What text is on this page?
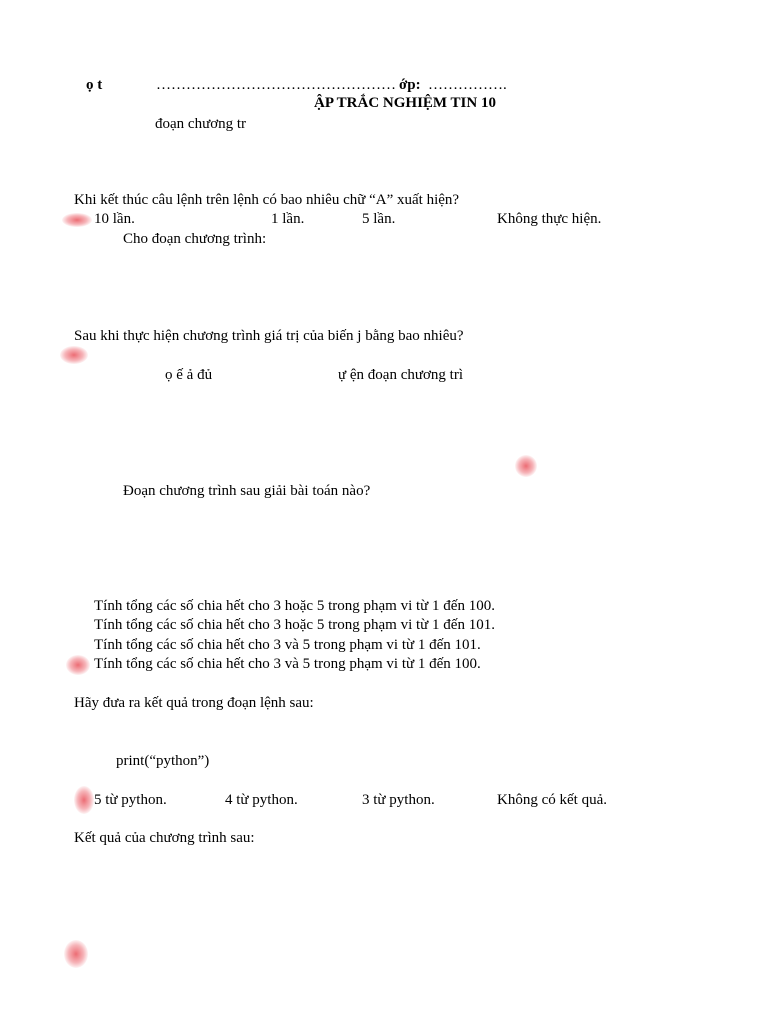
ọ t	………………………………………… ớp: …………….
ẬP TRẮC NGHIỆM TIN 10
đoạn chương tr
Khi kết thúc câu lệnh trên lệnh có bao nhiêu chữ “A” xuất hiện?
10 lần.	1 lần.	5 lần.	Không thực hiện.
Cho đoạn chương trình:
Sau khi thực hiện chương trình giá trị của biến j bằng bao nhiêu?
ọ ế ả đủ	ự ện đoạn chương trì
Đoạn chương trình sau giải bài toán nào?
Tính tổng các số chia hết cho 3 hoặc 5 trong phạm vi từ 1 đến 100.
Tính tổng các số chia hết cho 3 hoặc 5 trong phạm vi từ 1 đến 101.
Tính tổng các số chia hết cho 3 và 5 trong phạm vi từ 1 đến 101.
Tính tổng các số chia hết cho 3 và 5 trong phạm vi từ 1 đến 100.
Hãy đưa ra kết quả trong đoạn lệnh sau:
print(“python”)
5 từ python.	4 từ python.	3 từ python.	Không có kết quả.
Kết quả của chương trình sau:
